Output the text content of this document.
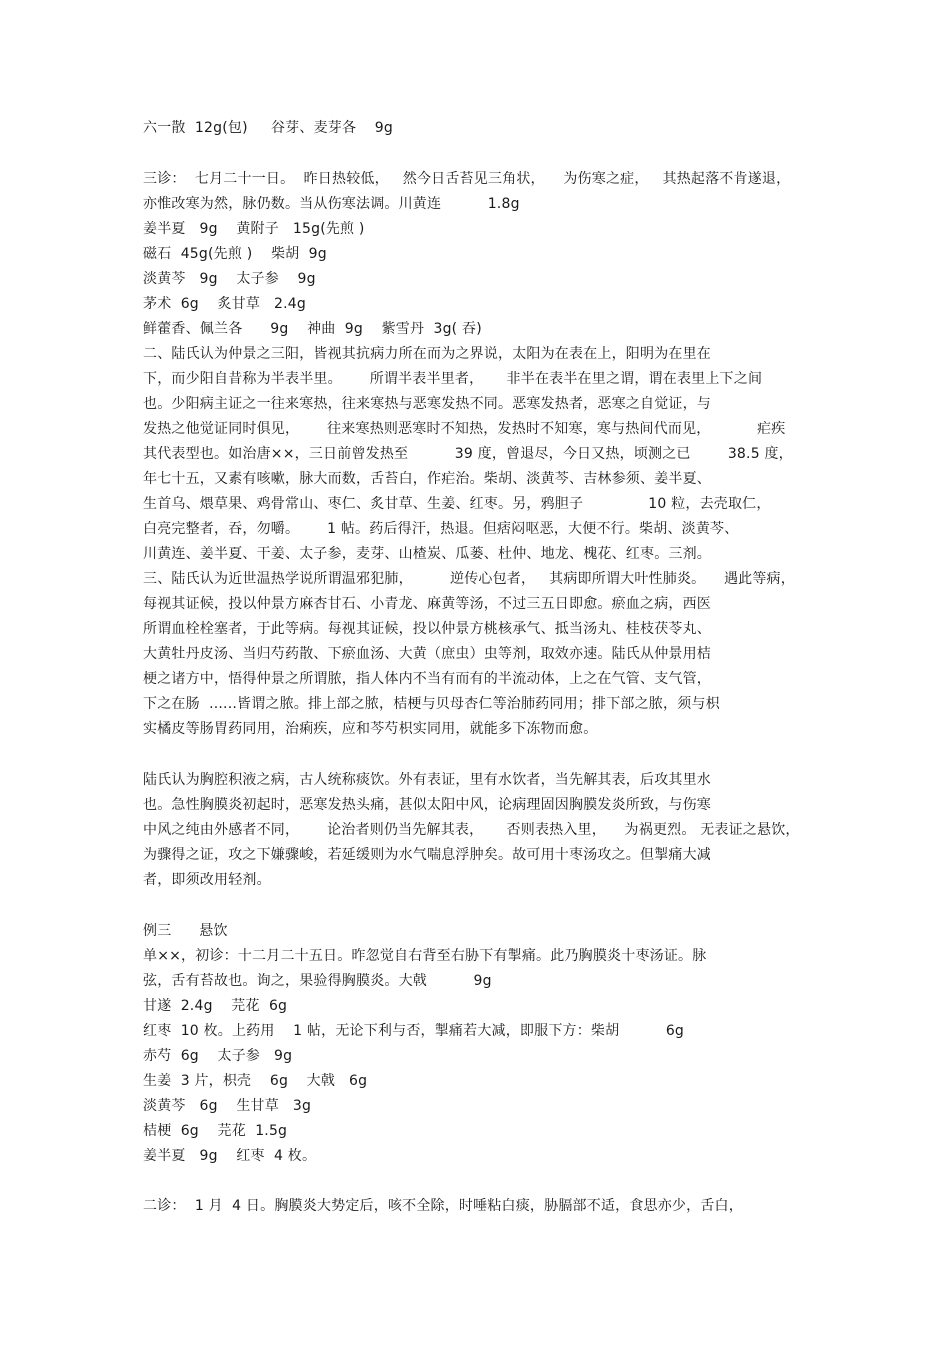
六一散  12g(包)     谷芽、麦芽各    9g
三诊：  七月二十一日。  昨日热较低，   然今日舌苔见三角状，    为伤寒之症，   其热起落不肯遂退，
亦惟改寒为然，脉仍数。当从伤寒法调。川黄连          1.8g
姜半夏   9g    黄附子   15g(先煎 )
磁石  45g(先煎 )    柴胡  9g
淡黄芩   9g    太子参    9g
茅术  6g    炙甘草   2.4g
鲜藿香、佩兰各      9g    神曲  9g    紫雪丹  3g( 吞)
二、陆氏认为仲景之三阳，皆视其抗病力所在而为之界说，太阳为在表在上，阳明为在里在
下，而少阳自昔称为半表半里。      所谓半表半里者，     非半在表半在里之谓，谓在表里上下之间
也。少阳病主证之一往来寒热，往来寒热与恶寒发热不同。恶寒发热者，恶寒之自觉证，与
发热之他觉证同时俱见，      往来寒热则恶寒时不知热，发热时不知寒，寒与热间代而见，          疟疾
其代表型也。如治唐××，三日前曾发热至          39 度，曾退尽，今日又热，顷测之已        38.5 度，
年七十五，又素有咳嗽，脉大而数，舌苔白，作疟治。柴胡、淡黄芩、吉林参须、姜半夏、
生首乌、煨草果、鸡骨常山、枣仁、炙甘草、生姜、红枣。另，鸦胆子              10 粒，去壳取仁，
白亮完整者，吞，勿嚼。      1 帖。药后得汗，热退。但痞闷呕恶，大便不行。柴胡、淡黄芩、
川黄连、姜半夏、干姜、太子参，麦芽、山楂炭、瓜蒌、杜仲、地龙、槐花、红枣。三剂。
三、陆氏认为近世温热学说所谓温邪犯肺，        逆传心包者，   其病即所谓大叶性肺炎。    遇此等病，
每视其证候，投以仲景方麻杏甘石、小青龙、麻黄等汤，不过三五日即愈。瘀血之病，西医
所谓血栓栓塞者，于此等病。每视其证候，投以仲景方桃核承气、抵当汤丸、桂枝茯苓丸、
大黄牡丹皮汤、当归芍药散、下瘀血汤、大黄（庶虫）虫等剂，取效亦速。陆氏从仲景用桔
梗之诸方中，悟得仲景之所谓脓，指人体内不当有而有的半流动体，上之在气管、支气管，
下之在肠  ......皆谓之脓。排上部之脓，桔梗与贝母杏仁等治肺药同用；排下部之脓，须与枳
实橘皮等肠胃药同用，治痢疾，应和芩芍枳实同用，就能多下冻物而愈。
陆氏认为胸腔积液之病，古人统称痰饮。外有表证，里有水饮者，当先解其表，后攻其里水
也。急性胸膜炎初起时，恶寒发热头痛，甚似太阳中风，论病理固因胸膜发炎所致，与伤寒
中风之纯由外感者不同，      论治者则仍当先解其表，     否则表热入里，    为祸更烈。 无表证之悬饮，
为骤得之证，攻之下嫌骤峻，若延缓则为水气喘息浮肿矣。故可用十枣汤攻之。但掣痛大减
者，即须改用轻剂。
例三      悬饮
单××，初诊：十二月二十五日。昨忽觉自右背至右胁下有掣痛。此乃胸膜炎十枣汤证。脉
弦，舌有苔故也。询之，果验得胸膜炎。大戟          9g
甘遂  2.4g    芫花  6g
红枣  10 枚。上药用    1 帖，无论下利与否，掣痛若大减，即服下方：柴胡          6g
赤芍  6g    太子参   9g
生姜  3 片，枳壳    6g    大戟   6g
淡黄芩   6g    生甘草   3g
桔梗  6g    芫花  1.5g
姜半夏   9g    红枣  4 枚。
二诊：  1 月  4 日。胸膜炎大势定后，咳不全除，时唾粘白痰，胁膈部不适，食思亦少，舌白，
